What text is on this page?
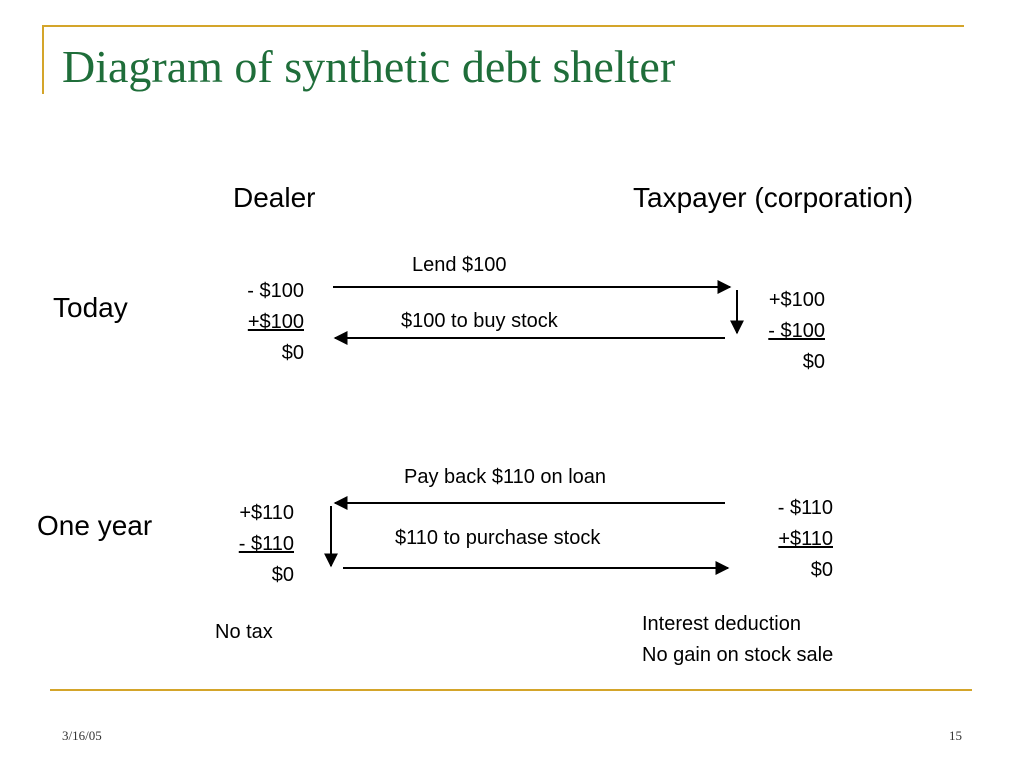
Diagram of synthetic debt shelter
Dealer	Taxpayer (corporation)
Today
Lend $100
$100 to buy stock
- $100
+$100
$0
+$100
- $100
$0
One year
Pay back $110 on loan
$110 to purchase stock
+$110
- $110
$0
- $110
+$110
$0
No tax	Interest deduction
No gain on stock sale
3/16/05	15
